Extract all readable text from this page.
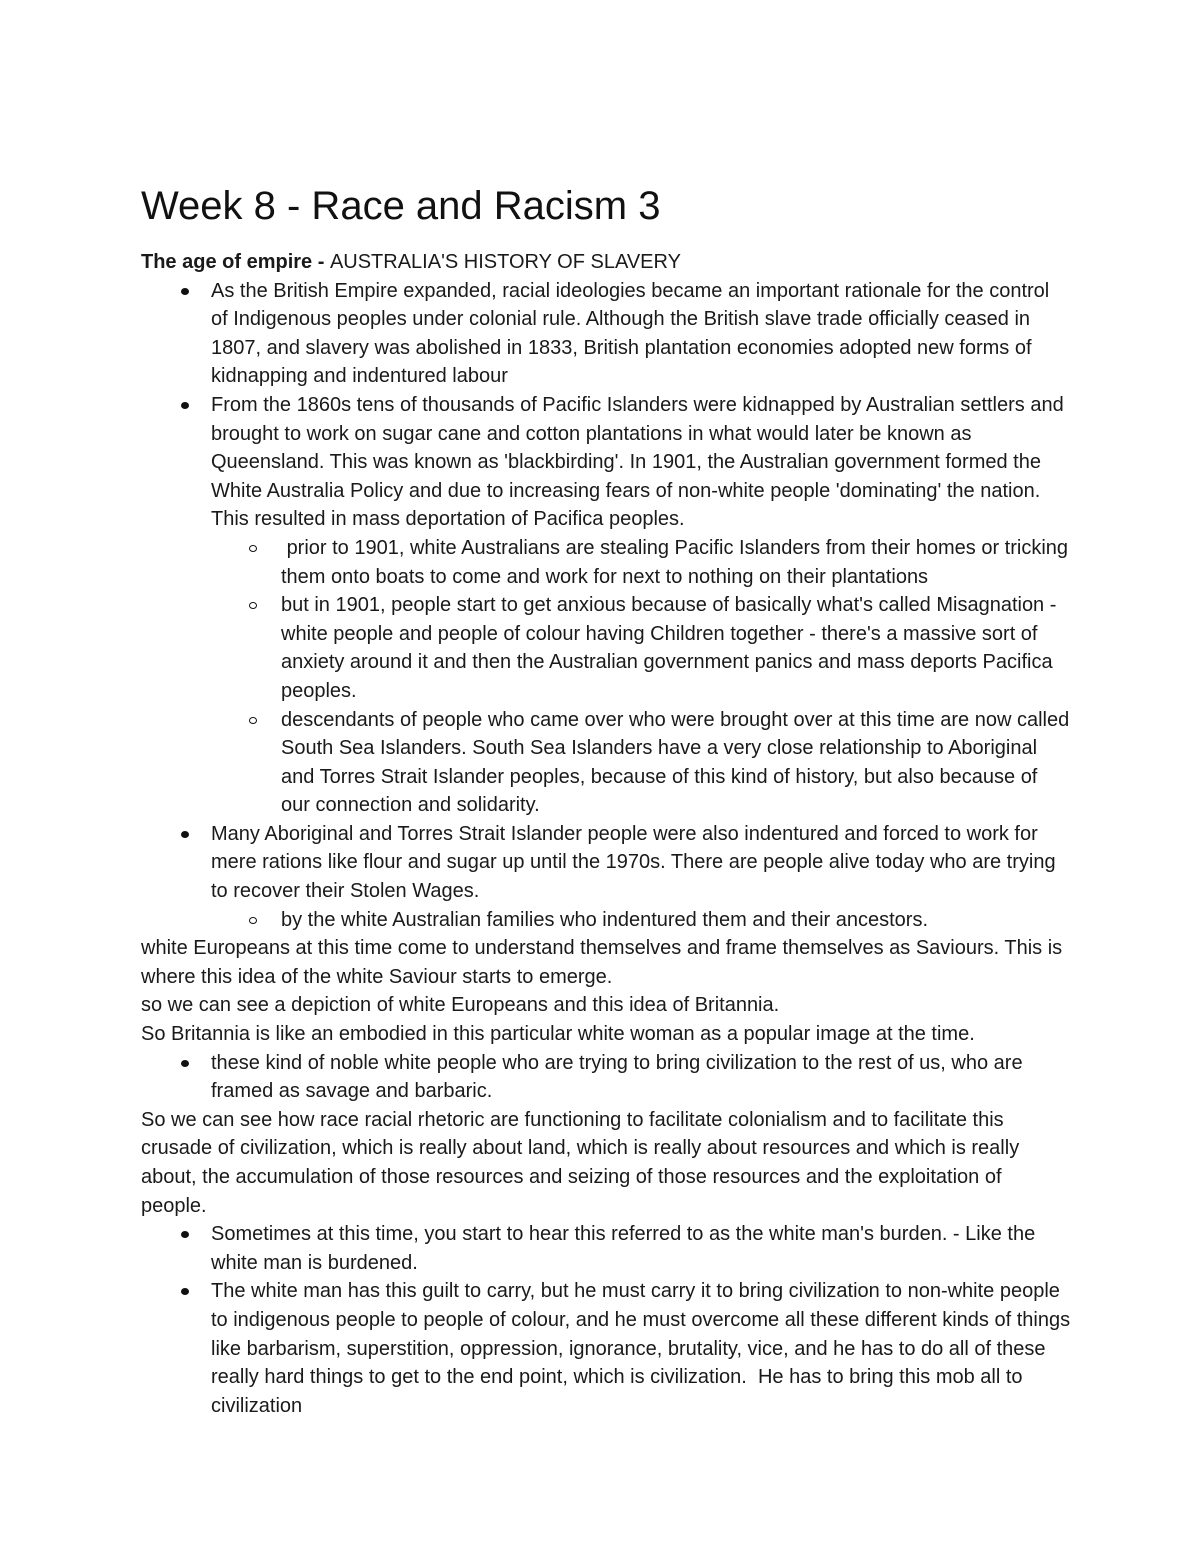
Week 8 - Race and Racism 3

The age of empire - AUSTRALIA'S HISTORY OF SLAVERY

As the British Empire expanded, racial ideologies became an important rationale for the control of Indigenous peoples under colonial rule. Although the British slave trade officially ceased in 1807, and slavery was abolished in 1833, British plantation economies adopted new forms of kidnapping and indentured labour
From the 1860s tens of thousands of Pacific Islanders were kidnapped by Australian settlers and brought to work on sugar cane and cotton plantations in what would later be known as Queensland. This was known as 'blackbirding'. In 1901, the Australian government formed the White Australia Policy and due to increasing fears of non-white people 'dominating' the nation. This resulted in mass deportation of Pacifica peoples.
prior to 1901, white Australians are stealing Pacific Islanders from their homes or tricking them onto boats to come and work for next to nothing on their plantations
but in 1901, people start to get anxious because of basically what's called Misagnation - white people and people of colour having Children together - there's a massive sort of anxiety around it and then the Australian government panics and mass deports Pacifica peoples.
descendants of people who came over who were brought over at this time are now called South Sea Islanders. South Sea Islanders have a very close relationship to Aboriginal and Torres Strait Islander peoples, because of this kind of history, but also because of our connection and solidarity.
Many Aboriginal and Torres Strait Islander people were also indentured and forced to work for mere rations like flour and sugar up until the 1970s. There are people alive today who are trying to recover their Stolen Wages.
by the white Australian families who indentured them and their ancestors.

white Europeans at this time come to understand themselves and frame themselves as Saviours. This is where this idea of the white Saviour starts to emerge.

so we can see a depiction of white Europeans and this idea of Britannia.

So Britannia is like an embodied in this particular white woman as a popular image at the time.

these kind of noble white people who are trying to bring civilization to the rest of us, who are framed as savage and barbaric.

So we can see how race racial rhetoric are functioning to facilitate colonialism and to facilitate this crusade of civilization, which is really about land, which is really about resources and which is really about, the accumulation of those resources and seizing of those resources and the exploitation of people.

Sometimes at this time, you start to hear this referred to as the white man's burden. - Like the white man is burdened.
The white man has this guilt to carry, but he must carry it to bring civilization to non-white people to indigenous people to people of colour, and he must overcome all these different kinds of things like barbarism, superstition, oppression, ignorance, brutality, vice, and he has to do all of these really hard things to get to the end point, which is civilization.  He has to bring this mob all to civilization
